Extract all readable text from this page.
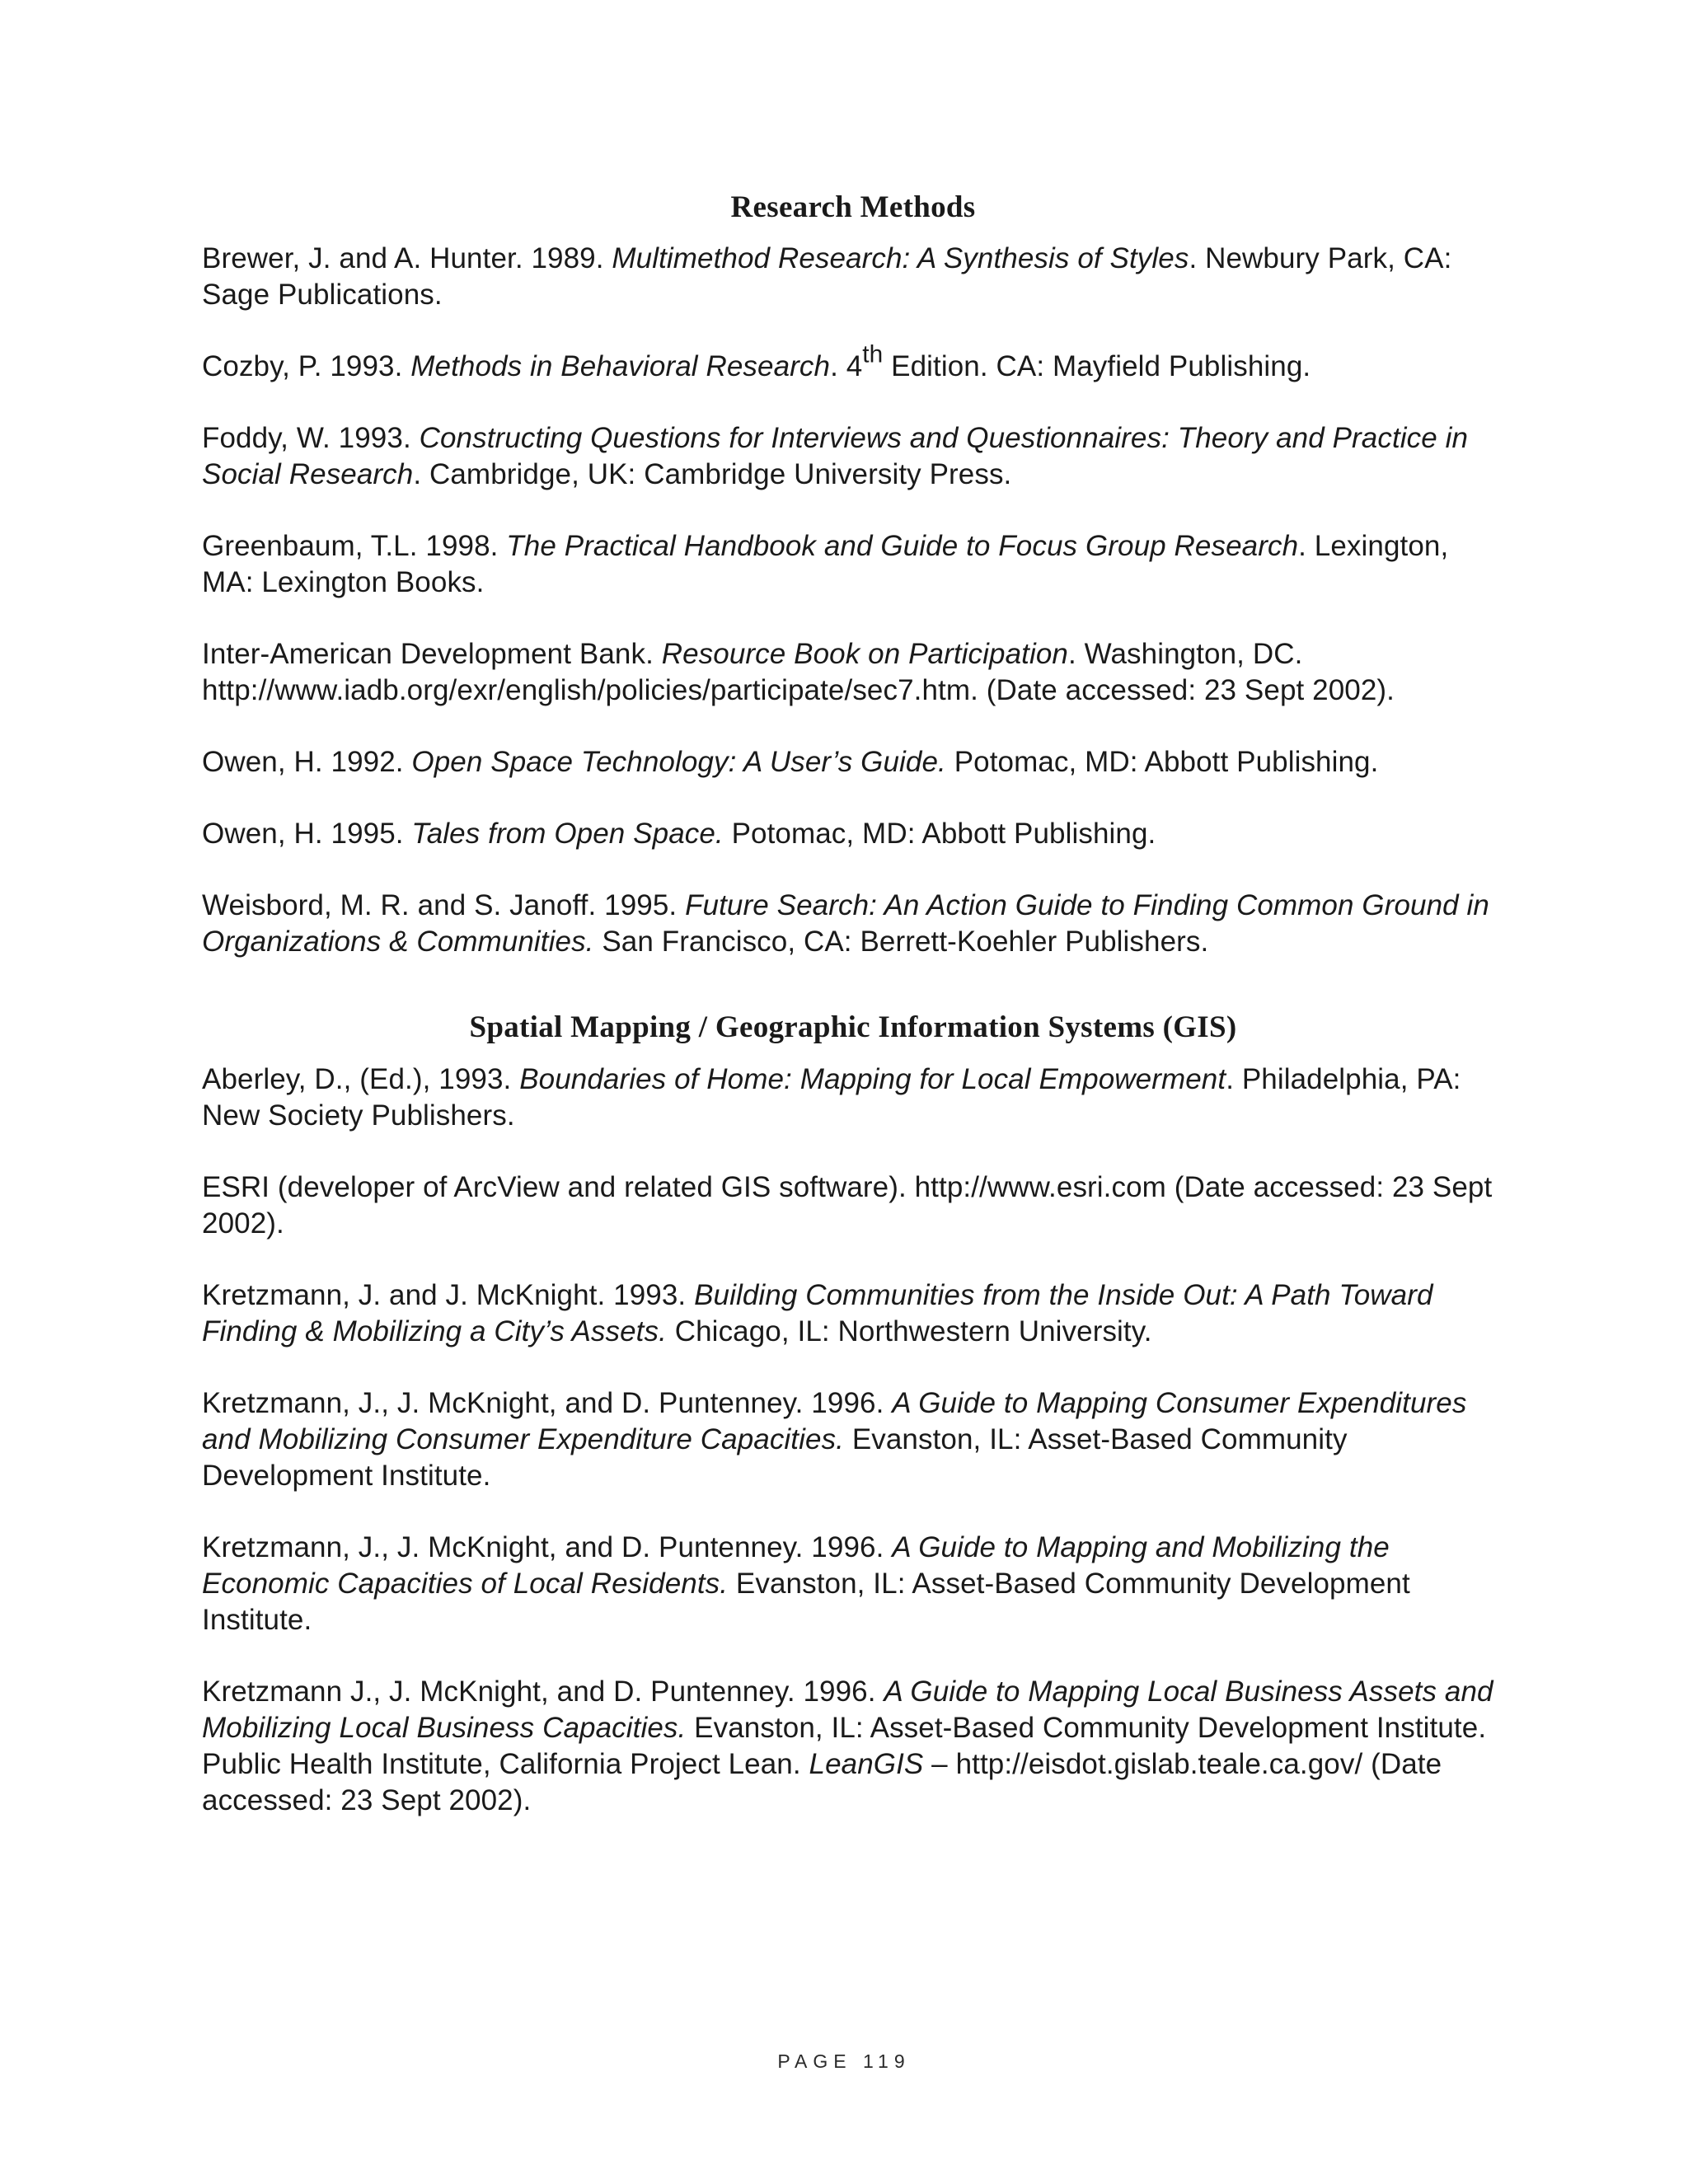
Research Methods

Brewer, J. and A. Hunter. 1989. Multimethod Research: A Synthesis of Styles. Newbury Park, CA: Sage Publications.

Cozby, P. 1993. Methods in Behavioral Research. 4th Edition. CA: Mayfield Publishing.

Foddy, W. 1993. Constructing Questions for Interviews and Questionnaires: Theory and Practice in Social Research. Cambridge, UK: Cambridge University Press.

Greenbaum, T.L. 1998. The Practical Handbook and Guide to Focus Group Research. Lexington, MA: Lexington Books.

Inter-American Development Bank. Resource Book on Participation. Washington, DC. http://www.iadb.org/exr/english/policies/participate/sec7.htm. (Date accessed: 23 Sept 2002).

Owen, H. 1992. Open Space Technology: A User’s Guide. Potomac, MD: Abbott Publishing.

Owen, H. 1995. Tales from Open Space. Potomac, MD: Abbott Publishing.

Weisbord, M. R. and S. Janoff. 1995. Future Search: An Action Guide to Finding Common Ground in Organizations & Communities. San Francisco, CA: Berrett-Koehler Publishers.

Spatial Mapping / Geographic Information Systems (GIS)

Aberley, D., (Ed.), 1993. Boundaries of Home: Mapping for Local Empowerment. Philadelphia, PA: New Society Publishers.

ESRI (developer of ArcView and related GIS software). http://www.esri.com (Date accessed: 23 Sept 2002).

Kretzmann, J. and J. McKnight. 1993. Building Communities from the Inside Out: A Path Toward Finding & Mobilizing a City’s Assets. Chicago, IL: Northwestern University.

Kretzmann, J., J. McKnight, and D. Puntenney. 1996. A Guide to Mapping Consumer Expenditures and Mobilizing Consumer Expenditure Capacities. Evanston, IL: Asset-Based Community Development Institute.

Kretzmann, J., J. McKnight, and D. Puntenney. 1996. A Guide to Mapping and Mobilizing the Economic Capacities of Local Residents. Evanston, IL: Asset-Based Community Development Institute.

Kretzmann J., J. McKnight, and D. Puntenney. 1996. A Guide to Mapping Local Business Assets and Mobilizing Local Business Capacities. Evanston, IL: Asset-Based Community Development Institute.

Public Health Institute, California Project Lean. LeanGIS – http://eisdot.gislab.teale.ca.gov/ (Date accessed: 23 Sept 2002).

PAGE 119
